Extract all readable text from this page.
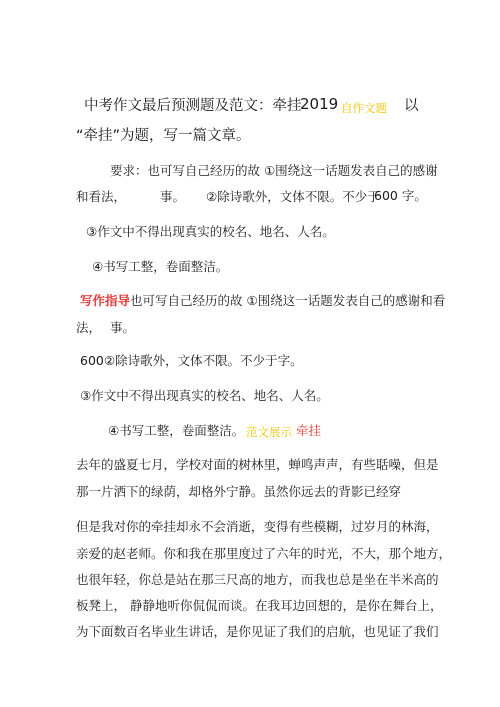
中考作文最后预测题及范文：牵挂
2019 自作文题 以
“牵挂”为题，写一篇文章。
要求：也可写自己经历的故 ①围绕这一话题发表自己的感谢
和看法，	事。 ②除诗歌外，文体不限。不少于
600 字。
③作文中不得出现真实的校名、地名、人名。
④书写工整，卷面整洁。
写作指导也可写自己经历的故 ①围绕这一话题发表自己的感谢和看
法， 事。
600②除诗歌外，文体不限。不少于字。
③作文中不得出现真实的校名、地名、人名。
④书写工整，卷面整洁。 范文展示 牵挂
去年的盛夏七月，学校对面的树林里，蝉鸣声声，有些聒噪，但是
那一片洒下的绿荫，却格外宁静。虽然你远去的背影已经穿
但是我对你的牵挂却永不会消逝，变得有些模糊，过岁月的林海，
亲爱的赵老师。你和我在那里度过了六年的时光，不大，那个地方，
也很年轻，你总是站在那三尺高的地方，而我也总是坐在半米高的
板凳上， 静静地听你侃侃而谈。在我耳边回想的，是你在舞台上，
为下面数百名毕业生讲话，是你见证了我们的启航，也见证了我们
